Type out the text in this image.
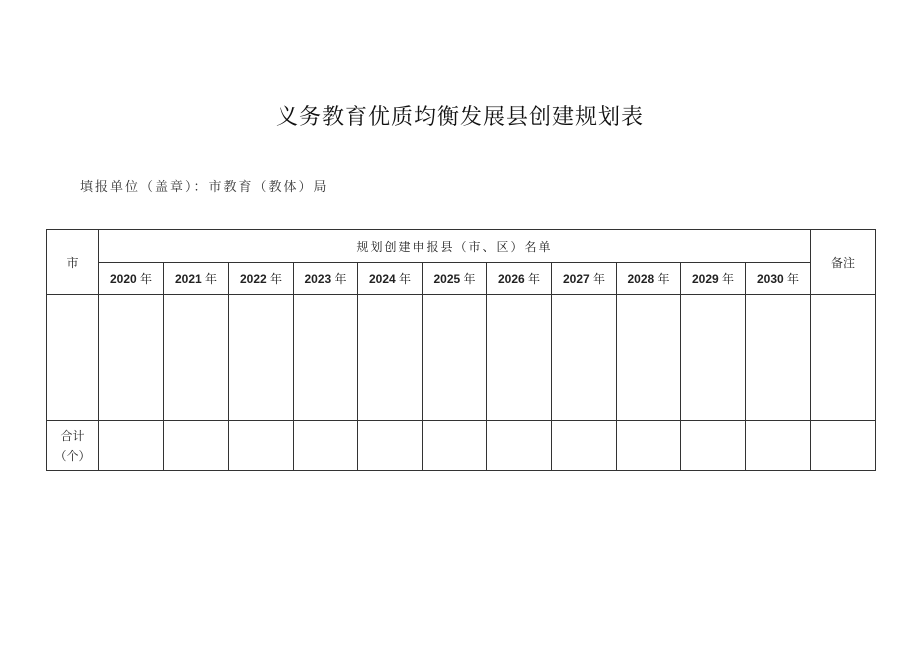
义务教育优质均衡发展县创建规划表
填报单位（盖章）：市教育（教体）局
市	规划创建申报县（市、区）名单											备注
	2020 年	2021 年	2022 年	2023 年	2024 年	2025 年	2026 年	2027 年	2028 年	2029 年	2030 年	

合计
（个）												
